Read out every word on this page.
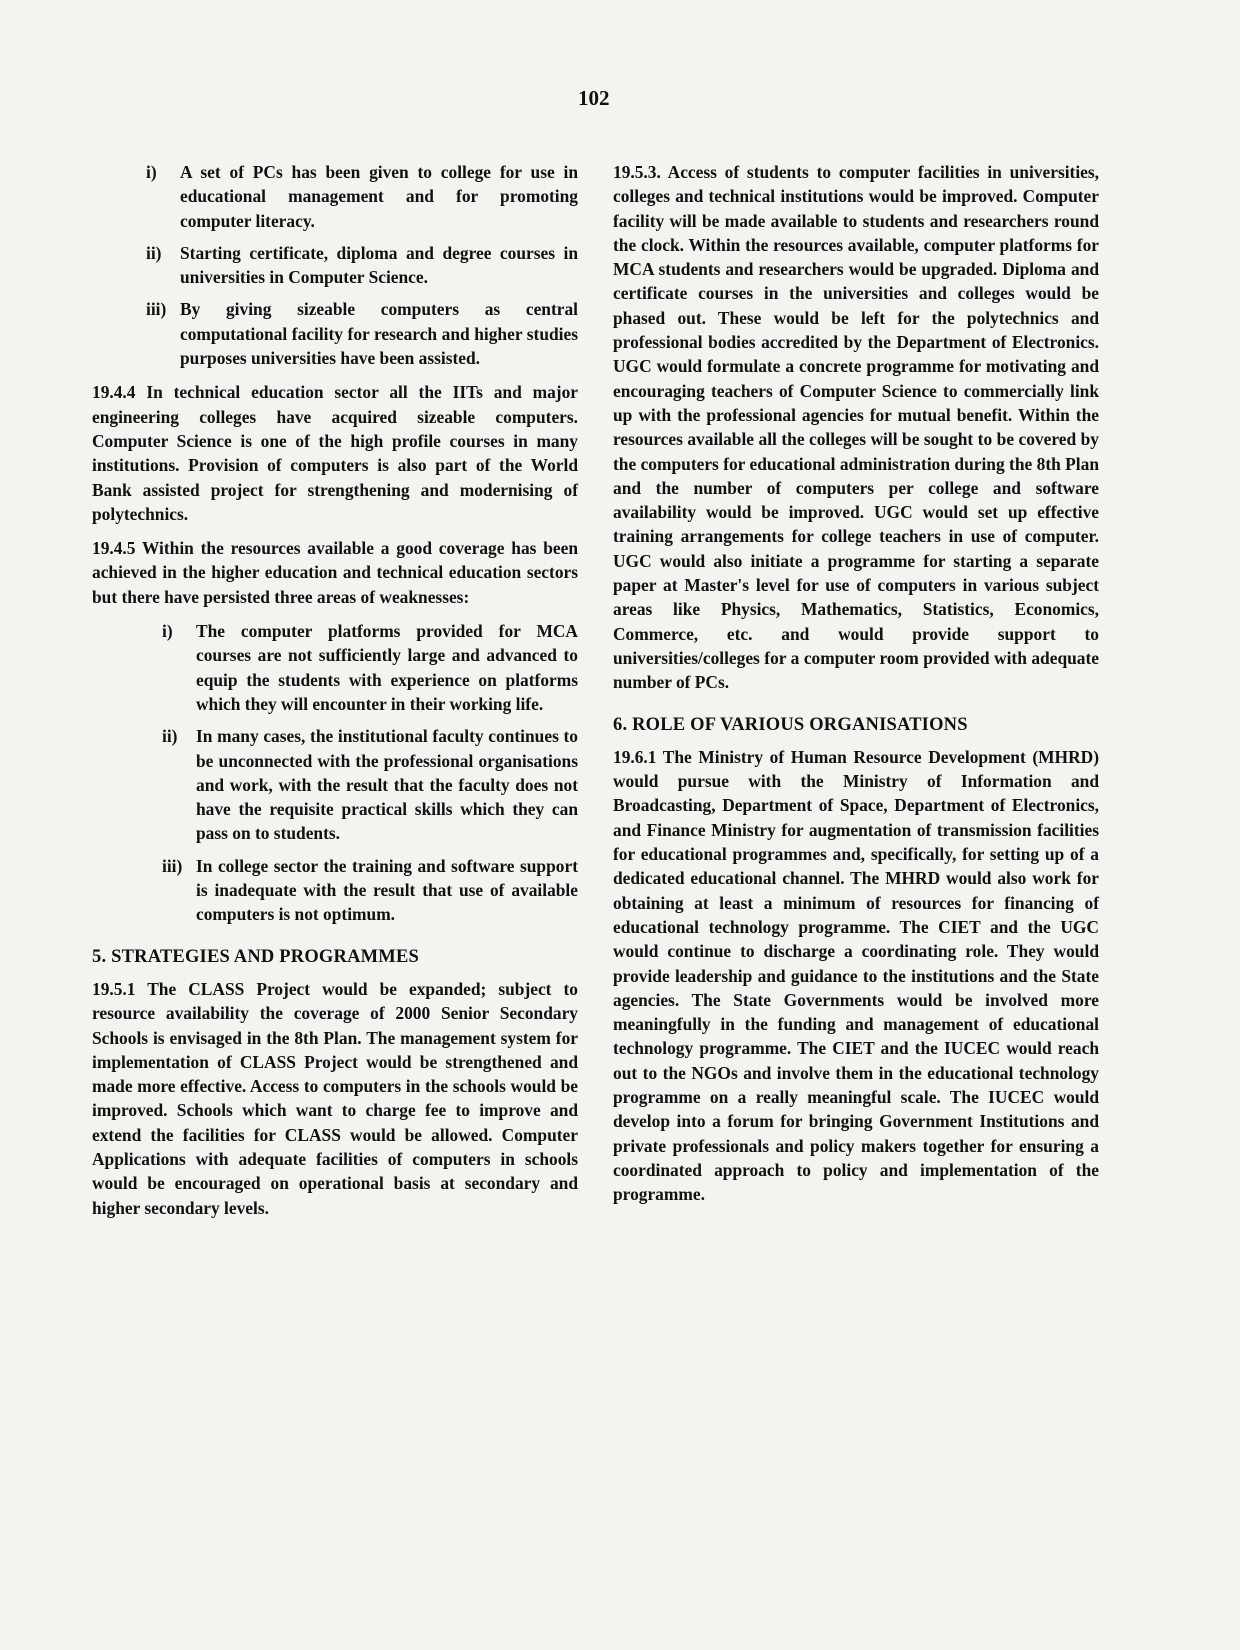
102
i)	A set of PCs has been given to college for use in educational management and for promoting computer literacy.
ii)	Starting certificate, diploma and degree courses in universities in Computer Science.
iii) By giving sizeable computers as central computational facility for research and higher studies purposes universities have been assisted.

19.4.4 In technical education sector all the IITs and major engineering colleges have acquired sizeable computers. Computer Science is one of the high profile courses in many institutions. Provision of computers is also part of the World Bank assisted project for strengthening and modernising of polytechnics.

19.4.5 Within the resources available a good coverage has been achieved in the higher education and technical education sectors but there have persisted three areas of weaknesses:

i)	The computer platforms provided for MCA courses are not sufficiently large and advanced to equip the students with experience on platforms which they will encounter in their working life.
ii)	In many cases, the institutional faculty continues to be unconnected with the professional organisations and work, with the result that the faculty does not have the requisite practical skills which they can pass on to students.
iii) In college sector the training and software support is inadequate with the result that use of available computers is not optimum.
5. STRATEGIES AND PROGRAMMES

19.5.1 The CLASS Project would be expanded; subject to resource availability the coverage of 2000 Senior Secondary Schools is envisaged in the 8th Plan. The management system for implementation of CLASS Project would be strengthened and made more effective. Access to computers in the schools would be improved. Schools which want to charge fee to improve and extend the facilities for CLASS would be allowed. Computer Applications with adequate facilities of computers in schools would be encouraged on operational basis at secondary and higher secondary levels.

19.5.3. Access of students to computer facilities in universities, colleges and technical institutions would be improved. Computer facility will be made available to students and researchers round the clock. Within the resources available, computer platforms for MCA students and researchers would be upgraded. Diploma and certificate courses in the universities and colleges would be phased out. These would be left for the polytechnics and professional bodies accredited by the Department of Electronics. UGC would formulate a concrete programme for motivating and encouraging teachers of Computer Science to commercially link up with the professional agencies for mutual benefit. Within the resources available all the colleges will be sought to be covered by the computers for educational administration during the 8th Plan and the number of computers per college and software availability would be improved. UGC would set up effective training arrangements for college teachers in use of computer. UGC would also initiate a programme for starting a separate paper at Master's level for use of computers in various subject areas like Physics, Mathematics, Statistics, Economics, Commerce, etc. and would provide support to universities/colleges for a computer room provided with adequate number of PCs.

6. ROLE OF VARIOUS ORGANISATIONS

19.6.1 The Ministry of Human Resource Development (MHRD) would pursue with the Ministry of Information and Broadcasting, Department of Space, Department of Electronics, and Finance Ministry for augmentation of transmission facilities for educational programmes and, specifically, for setting up of a dedicated educational channel. The MHRD would also work for obtaining at least a minimum of resources for financing of educational technology programme. The CIET and the UGC would continue to discharge a coordinating role. They would provide leadership and guidance to the institutions and the State agencies. The State Governments would be involved more meaningfully in the funding and management of educational technology programme. The CIET and the IUCEC would reach out to the NGOs and involve them in the educational technology programme on a really meaningful scale. The IUCEC would develop into a forum for bringing Government Institutions and private professionals and policy makers together for ensuring a coordinated approach to policy and implementation of the programme.
